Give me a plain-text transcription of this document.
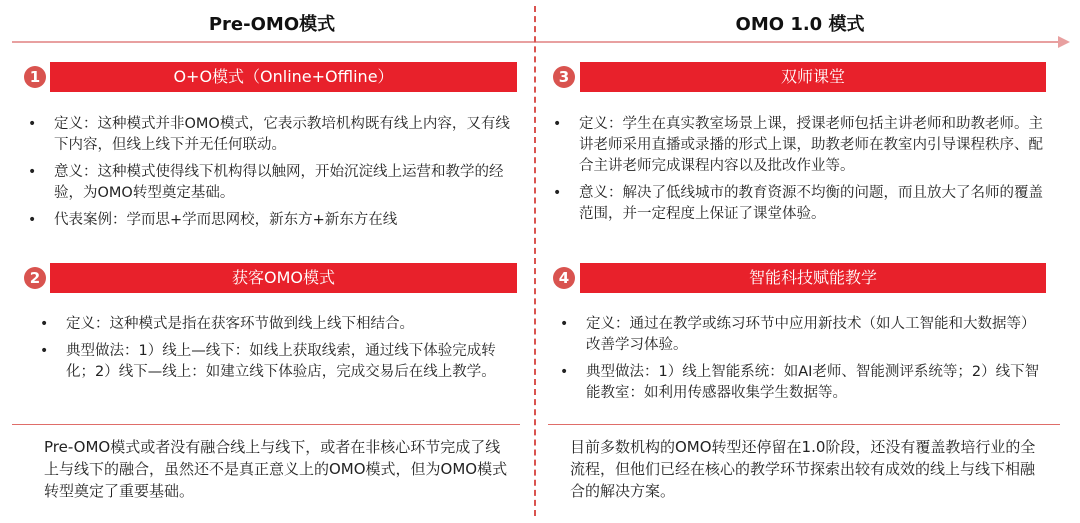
Pre-OMO模式	OMO 1.0 模式
1	O+O模式（Online+Offline）
• 定义：这种模式并非OMO模式，它表示教培机构既有线上内容，又有线下内容，但线上线下并无任何联动。
• 意义：这种模式使得线下机构得以触网，开始沉淀线上运营和教学的经验，为OMO转型奠定基础。
• 代表案例：学而思+学而思网校，新东方+新东方在线
2	获客OMO模式
• 定义：这种模式是指在获客环节做到线上线下相结合。
• 典型做法：1）线上—线下：如线上获取线索，通过线下体验完成转化；2）线下—线上：如建立线下体验店，完成交易后在线上教学。
3	双师课堂
• 定义：学生在真实教室场景上课，授课老师包括主讲老师和助教老师。主讲老师采用直播或录播的形式上课，助教老师在教室内引导课程秩序、配合主讲老师完成课程内容以及批改作业等。
• 意义：解决了低线城市的教育资源不均衡的问题，而且放大了名师的覆盖范围，并一定程度上保证了课堂体验。
4	智能科技赋能教学
• 定义：通过在教学或练习环节中应用新技术（如人工智能和大数据等）改善学习体验。
• 典型做法：1）线上智能系统：如AI老师、智能测评系统等；2）线下智能教室：如利用传感器收集学生数据等。
Pre-OMO模式或者没有融合线上与线下，或者在非核心环节完成了线上与线下的融合，虽然还不是真正意义上的OMO模式，但为OMO模式转型奠定了重要基础。
目前多数机构的OMO转型还停留在1.0阶段，还没有覆盖教培行业的全流程，但他们已经在核心的教学环节探索出较有成效的线上与线下相融合的解决方案。
